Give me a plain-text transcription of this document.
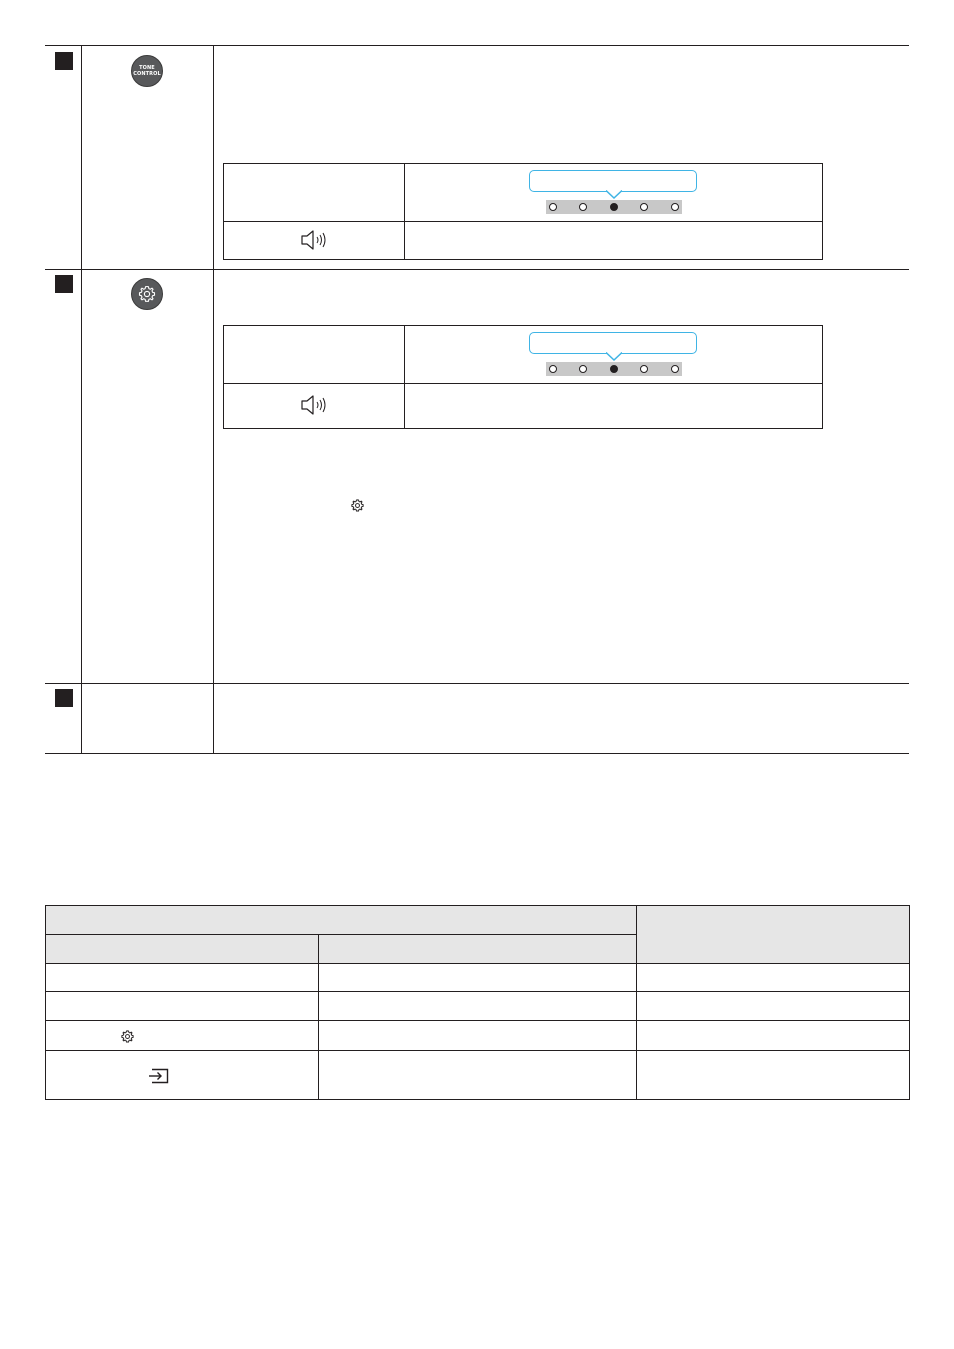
TONE
CONTROL
